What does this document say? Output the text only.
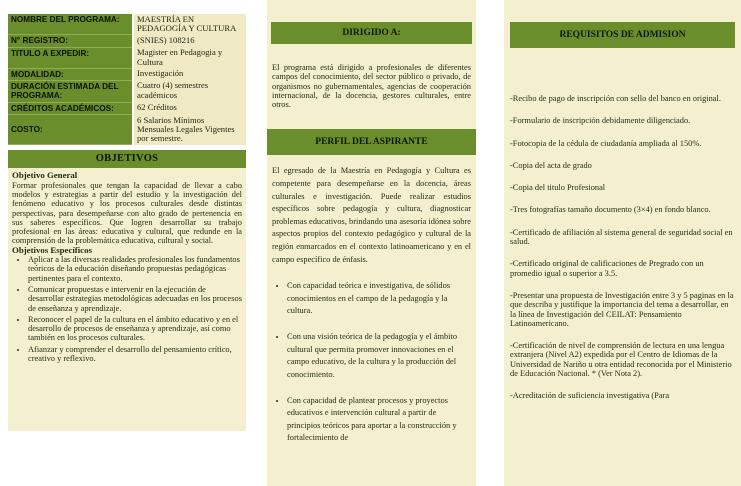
NOMBRE DEL PROGRAMA:	MAESTRÍA EN PEDAGOGÍA Y CULTURA
N° REGISTRO:	(SNIES) 108216
TITULO A EXPEDIR:	Magister en Pedagogia y Cultura
MODALIDAD:	Investigación
DURACIÓN ESTIMADA DEL PROGRAMA:	Cuatro (4) semestres académicos
CRÉDITOS ACADÉMICOS:	62 Créditos
COSTO:	6 Salarios Mínimos Mensuales Legales Vigentes por semestre.
OBJETIVOS
Objetivo General

Formar profesionales que tengan la capacidad de llevar a cabo modelos y estrategias a partir del estudio y la investigación del fenómeno educativo y los procesos culturales desde distintas perspectivas, para desempeñarse con alto grado de pertenencia en sus saberes específicos. Que logren desarrollar su trabajo profesional en las áreas: educativa y cultural, que redunde en la comprensión de la problemática educativa, cultural y social.

Objetivos Específicos
• Aplicar a las diversas realidades profesionales los fundamentos teóricos de la educación diseñando propuestas pedagógicas pertinentes para el contexto.
• Comunicar propuestas e intervenir en la ejecución de desarrollar estrategias metodológicas adecuadas en los procesos de enseñanza y aprendizaje.
• Reconocer el papel de la cultura en el ámbito educativo y en el desarrollo de procesos de enseñanza y aprendizaje, así como también en los procesos culturales.
• Afianzar y comprender el desarrollo del pensamiento crítico, creativo y reflexivo.
DIRIGIDO A:
El programa está dirigido a profesionales de diferentes campos del conocimiento, del sector público o privado, de organismos no gubernamentales, agencias de cooperación internacional, de la docencia, gestores culturales, entre otros.
PERFIL DEL ASPIRANTE
El egresado de la Maestría en Pedagogía y Cultura es competente para desempeñarse en la docencia, áreas culturales e investigación. Puede realizar estudios específicos sobre pedagogía y cultura, diagnosticar problemas educativos, brindando una asesoría idónea sobre aspectos propios del contexto pedagógico y cultural de la región enmarcados en el contexto latinoamericano y en el campo específico de énfasis.
• Con capacidad teórica e investigativa, de sólidos conocimientos en el campo de la pedagogía y la cultura.
• Con una visión teórica de la pedagogía y el ámbito cultural que permita promover innovaciones en el campo educativo, de la cultura y la producción del conocimiento.
• Con capacidad de plantear procesos y proyectos educativos e intervención cultural a partir de principios teóricos para aportar a la construcción y fortalecimiento de
REQUISITOS DE ADMISION

-Recibo de pago de inscripción con sello del banco en original.

-Formulario de inscripción debidamente diligenciado.

-Fotocopia de la cédula de ciudadanía ampliada al 150%.

-Copia del acta de grado

-Copia del titulo Profesional

-Tres fotografías tamaño documento (3×4) en fondo blanco.

-Certificado de afiliación al sistema general de seguridad social en salud.

-Certificado original de calificaciones de Pregrado con un promedio igual o superior a 3.5.

-Presentar una propuesta de Investigación entre 3 y 5 paginas en la que describa y justifique la importancia del tema a desarrollar, en la línea de Investigación del CEILAT: Pensamiento Latinoamericano.

-Certificación de nivel de comprensión de lectura en una lengua extranjera (Nivel A2) expedida por el Centro de Idiomas de la Universidad de Nariño u otra entidad reconocida por el Ministerio de Educación Nacional. * (Ver Nota 2).

-Acreditación de suficiencia investigativa (Para
